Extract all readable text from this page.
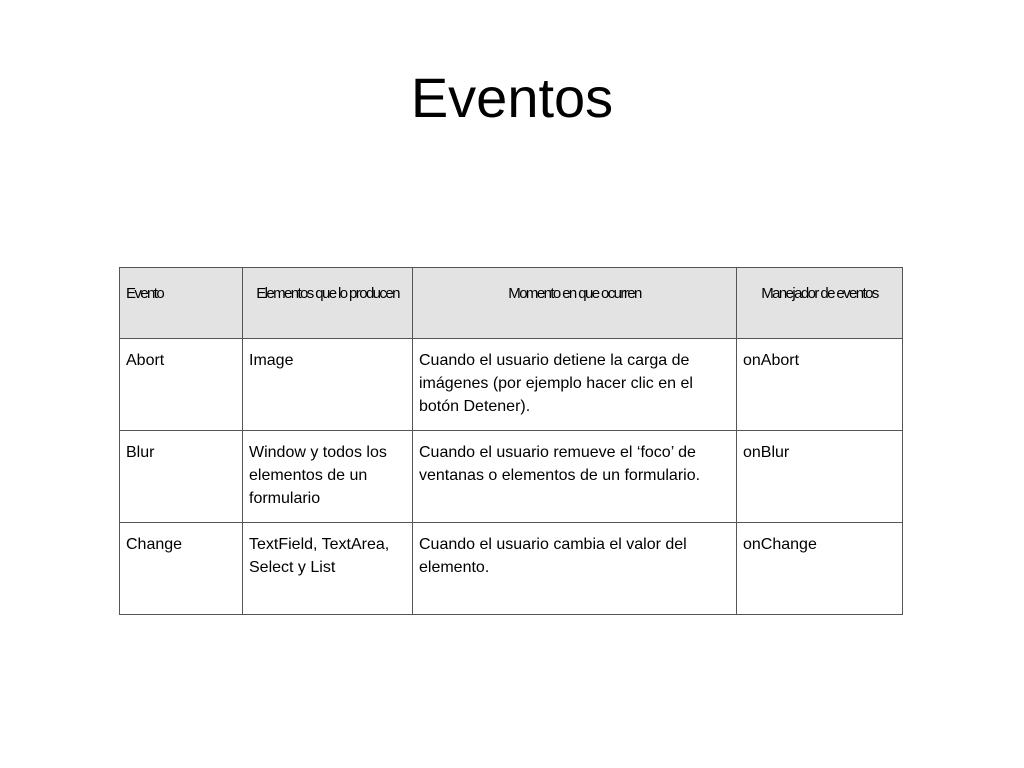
Eventos
Evento	Elementos que lo producen	Momento en que ocurren	Manejador de eventos
Abort	Image	Cuando el usuario detiene la carga de imágenes (por ejemplo hacer clic en el botón Detener).	onAbort
Blur	Window y todos los elementos de un formulario	Cuando el usuario remueve el ‘foco’ de ventanas o elementos de un formulario.	onBlur
Change	TextField, TextArea, Select y List	Cuando el usuario cambia el valor del elemento.	onChange
